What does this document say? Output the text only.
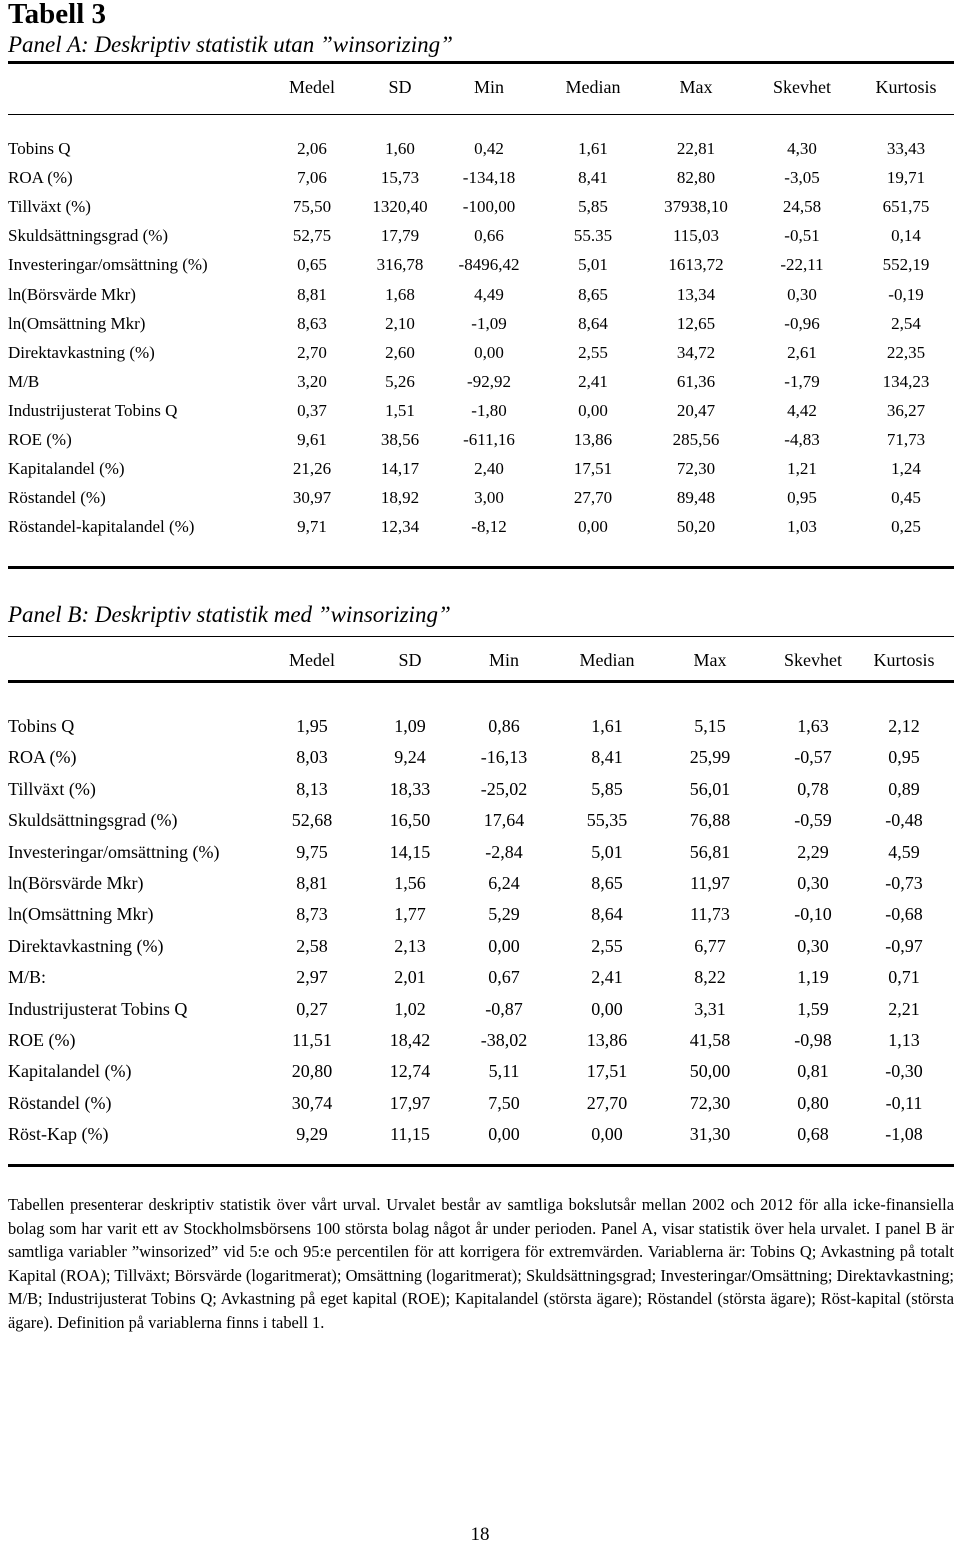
Tabell 3
Panel A: Deskriptiv statistik utan ”winsorizing”
Medel	SD	Min	Median	Max	Skevhet	Kurtosis
Tobins Q	2,06	1,60	0,42	1,61	22,81	4,30	33,43
ROA (%)	7,06	15,73	-134,18	8,41	82,80	-3,05	19,71
Tillväxt (%)	75,50	1320,40	-100,00	5,85	37938,10	24,58	651,75
Skuldsättningsgrad (%)	52,75	17,79	0,66	55.35	115,03	-0,51	0,14
Investeringar/omsättning (%)	0,65	316,78	-8496,42	5,01	1613,72	-22,11	552,19
ln(Börsvärde Mkr)	8,81	1,68	4,49	8,65	13,34	0,30	-0,19
ln(Omsättning Mkr)	8,63	2,10	-1,09	8,64	12,65	-0,96	2,54
Direktavkastning (%)	2,70	2,60	0,00	2,55	34,72	2,61	22,35
M/B	3,20	5,26	-92,92	2,41	61,36	-1,79	134,23
Industrijusterat Tobins Q	0,37	1,51	-1,80	0,00	20,47	4,42	36,27
ROE (%)	9,61	38,56	-611,16	13,86	285,56	-4,83	71,73
Kapitalandel (%)	21,26	14,17	2,40	17,51	72,30	1,21	1,24
Röstandel (%)	30,97	18,92	3,00	27,70	89,48	0,95	0,45
Röstandel-kapitalandel (%)	9,71	12,34	-8,12	0,00	50,20	1,03	0,25
Panel B: Deskriptiv statistik med ”winsorizing”
Medel	SD	Min	Median	Max	Skevhet	Kurtosis
Tobins Q	1,95	1,09	0,86	1,61	5,15	1,63	2,12
ROA (%)	8,03	9,24	-16,13	8,41	25,99	-0,57	0,95
Tillväxt (%)	8,13	18,33	-25,02	5,85	56,01	0,78	0,89
Skuldsättningsgrad (%)	52,68	16,50	17,64	55,35	76,88	-0,59	-0,48
Investeringar/omsättning (%)	9,75	14,15	-2,84	5,01	56,81	2,29	4,59
ln(Börsvärde Mkr)	8,81	1,56	6,24	8,65	11,97	0,30	-0,73
ln(Omsättning Mkr)	8,73	1,77	5,29	8,64	11,73	-0,10	-0,68
Direktavkastning (%)	2,58	2,13	0,00	2,55	6,77	0,30	-0,97
M/B:	2,97	2,01	0,67	2,41	8,22	1,19	0,71
Industrijusterat Tobins Q	0,27	1,02	-0,87	0,00	3,31	1,59	2,21
ROE (%)	11,51	18,42	-38,02	13,86	41,58	-0,98	1,13
Kapitalandel (%)	20,80	12,74	5,11	17,51	50,00	0,81	-0,30
Röstandel (%)	30,74	17,97	7,50	27,70	72,30	0,80	-0,11
Röst-Kap (%)	9,29	11,15	0,00	0,00	31,30	0,68	-1,08
Tabellen presenterar deskriptiv statistik över vårt urval. Urvalet består av samtliga bokslutsår mellan 2002 och 2012 för alla icke-finansiella bolag som har varit ett av Stockholmsbörsens 100 största bolag något år under perioden. Panel A, visar statistik över hela urvalet. I panel B är samtliga variabler ”winsorized” vid 5:e och 95:e percentilen för att korrigera för extremvärden. Variablerna är: Tobins Q; Avkastning på totalt Kapital (ROA); Tillväxt; Börsvärde (logaritmerat); Omsättning (logaritmerat); Skuldsättningsgrad; Investeringar/Omsättning; Direktavkastning; M/B; Industrijusterat Tobins Q; Avkastning på eget kapital (ROE); Kapitalandel (största ägare); Röstandel (största ägare); Röst-kapital (största ägare). Definition på variablerna finns i tabell 1.
18
